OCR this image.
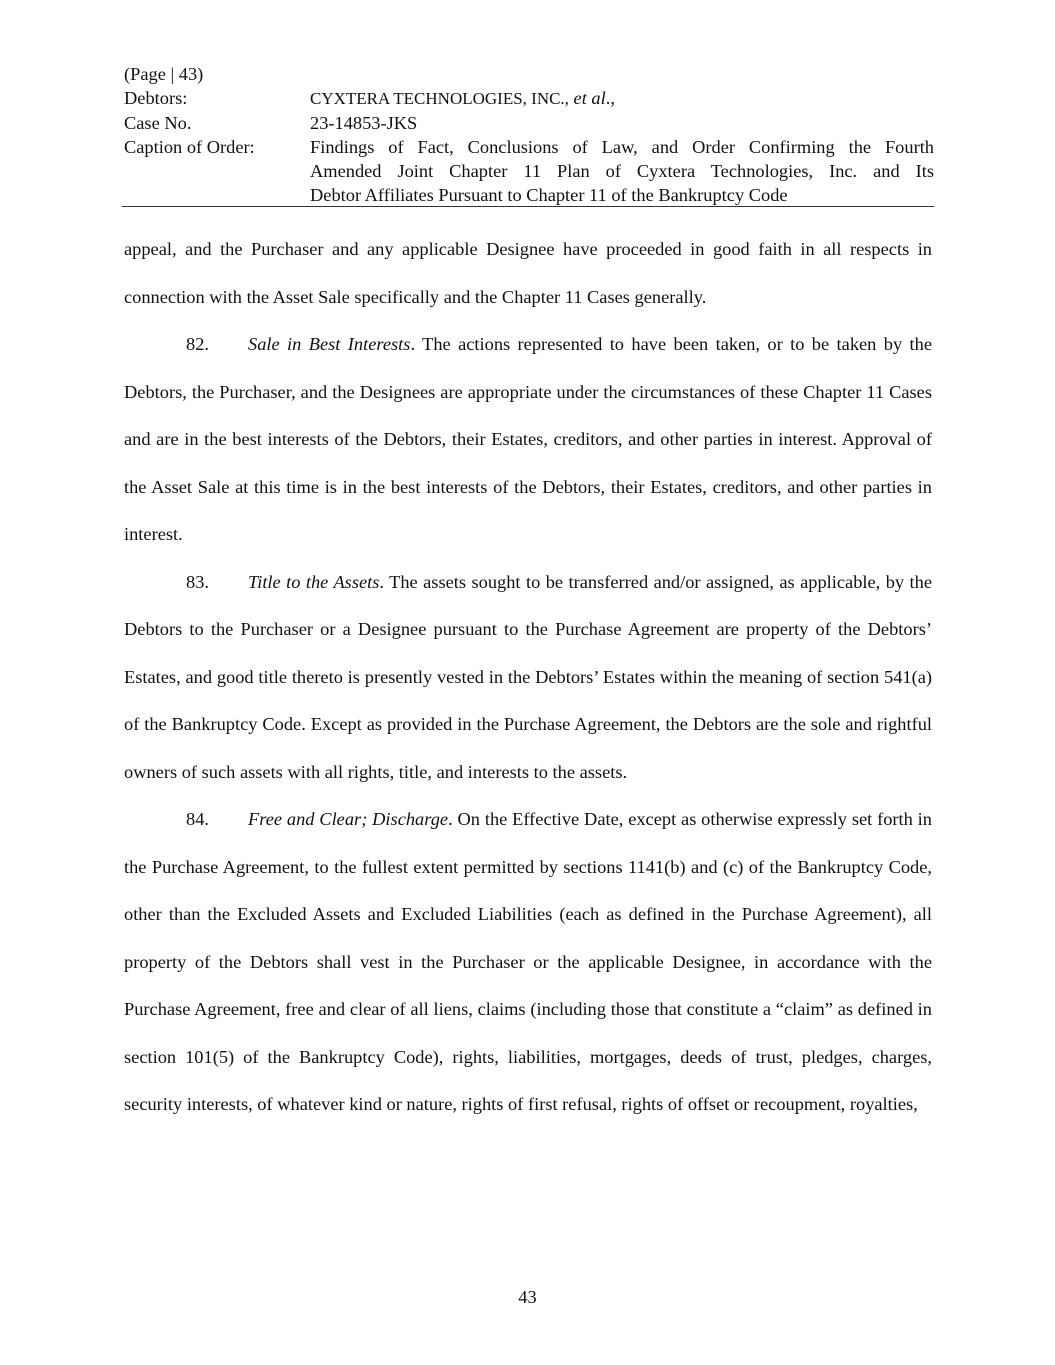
(Page | 43)
Debtors:	CYXTERA TECHNOLOGIES, INC., et al.,
Case No.	23-14853-JKS
Caption of Order:	Findings of Fact, Conclusions of Law, and Order Confirming the Fourth
Amended Joint Chapter 11 Plan of Cyxtera Technologies, Inc. and Its
Debtor Affiliates Pursuant to Chapter 11 of the Bankruptcy Code

appeal, and the Purchaser and any applicable Designee have proceeded in good faith in all respects in connection with the Asset Sale specifically and the Chapter 11 Cases generally.

82. Sale in Best Interests. The actions represented to have been taken, or to be taken by the Debtors, the Purchaser, and the Designees are appropriate under the circumstances of these Chapter 11 Cases and are in the best interests of the Debtors, their Estates, creditors, and other parties in interest. Approval of the Asset Sale at this time is in the best interests of the Debtors, their Estates, creditors, and other parties in interest.

83. Title to the Assets. The assets sought to be transferred and/or assigned, as applicable, by the Debtors to the Purchaser or a Designee pursuant to the Purchase Agreement are property of the Debtors’ Estates, and good title thereto is presently vested in the Debtors’ Estates within the meaning of section 541(a) of the Bankruptcy Code. Except as provided in the Purchase Agreement, the Debtors are the sole and rightful owners of such assets with all rights, title, and interests to the assets.

84. Free and Clear; Discharge. On the Effective Date, except as otherwise expressly set forth in the Purchase Agreement, to the fullest extent permitted by sections 1141(b) and (c) of the Bankruptcy Code, other than the Excluded Assets and Excluded Liabilities (each as defined in the Purchase Agreement), all property of the Debtors shall vest in the Purchaser or the applicable Designee, in accordance with the Purchase Agreement, free and clear of all liens, claims (including those that constitute a “claim” as defined in section 101(5) of the Bankruptcy Code), rights, liabilities, mortgages, deeds of trust, pledges, charges, security interests, of whatever kind or nature, rights of first refusal, rights of offset or recoupment, royalties,

43
